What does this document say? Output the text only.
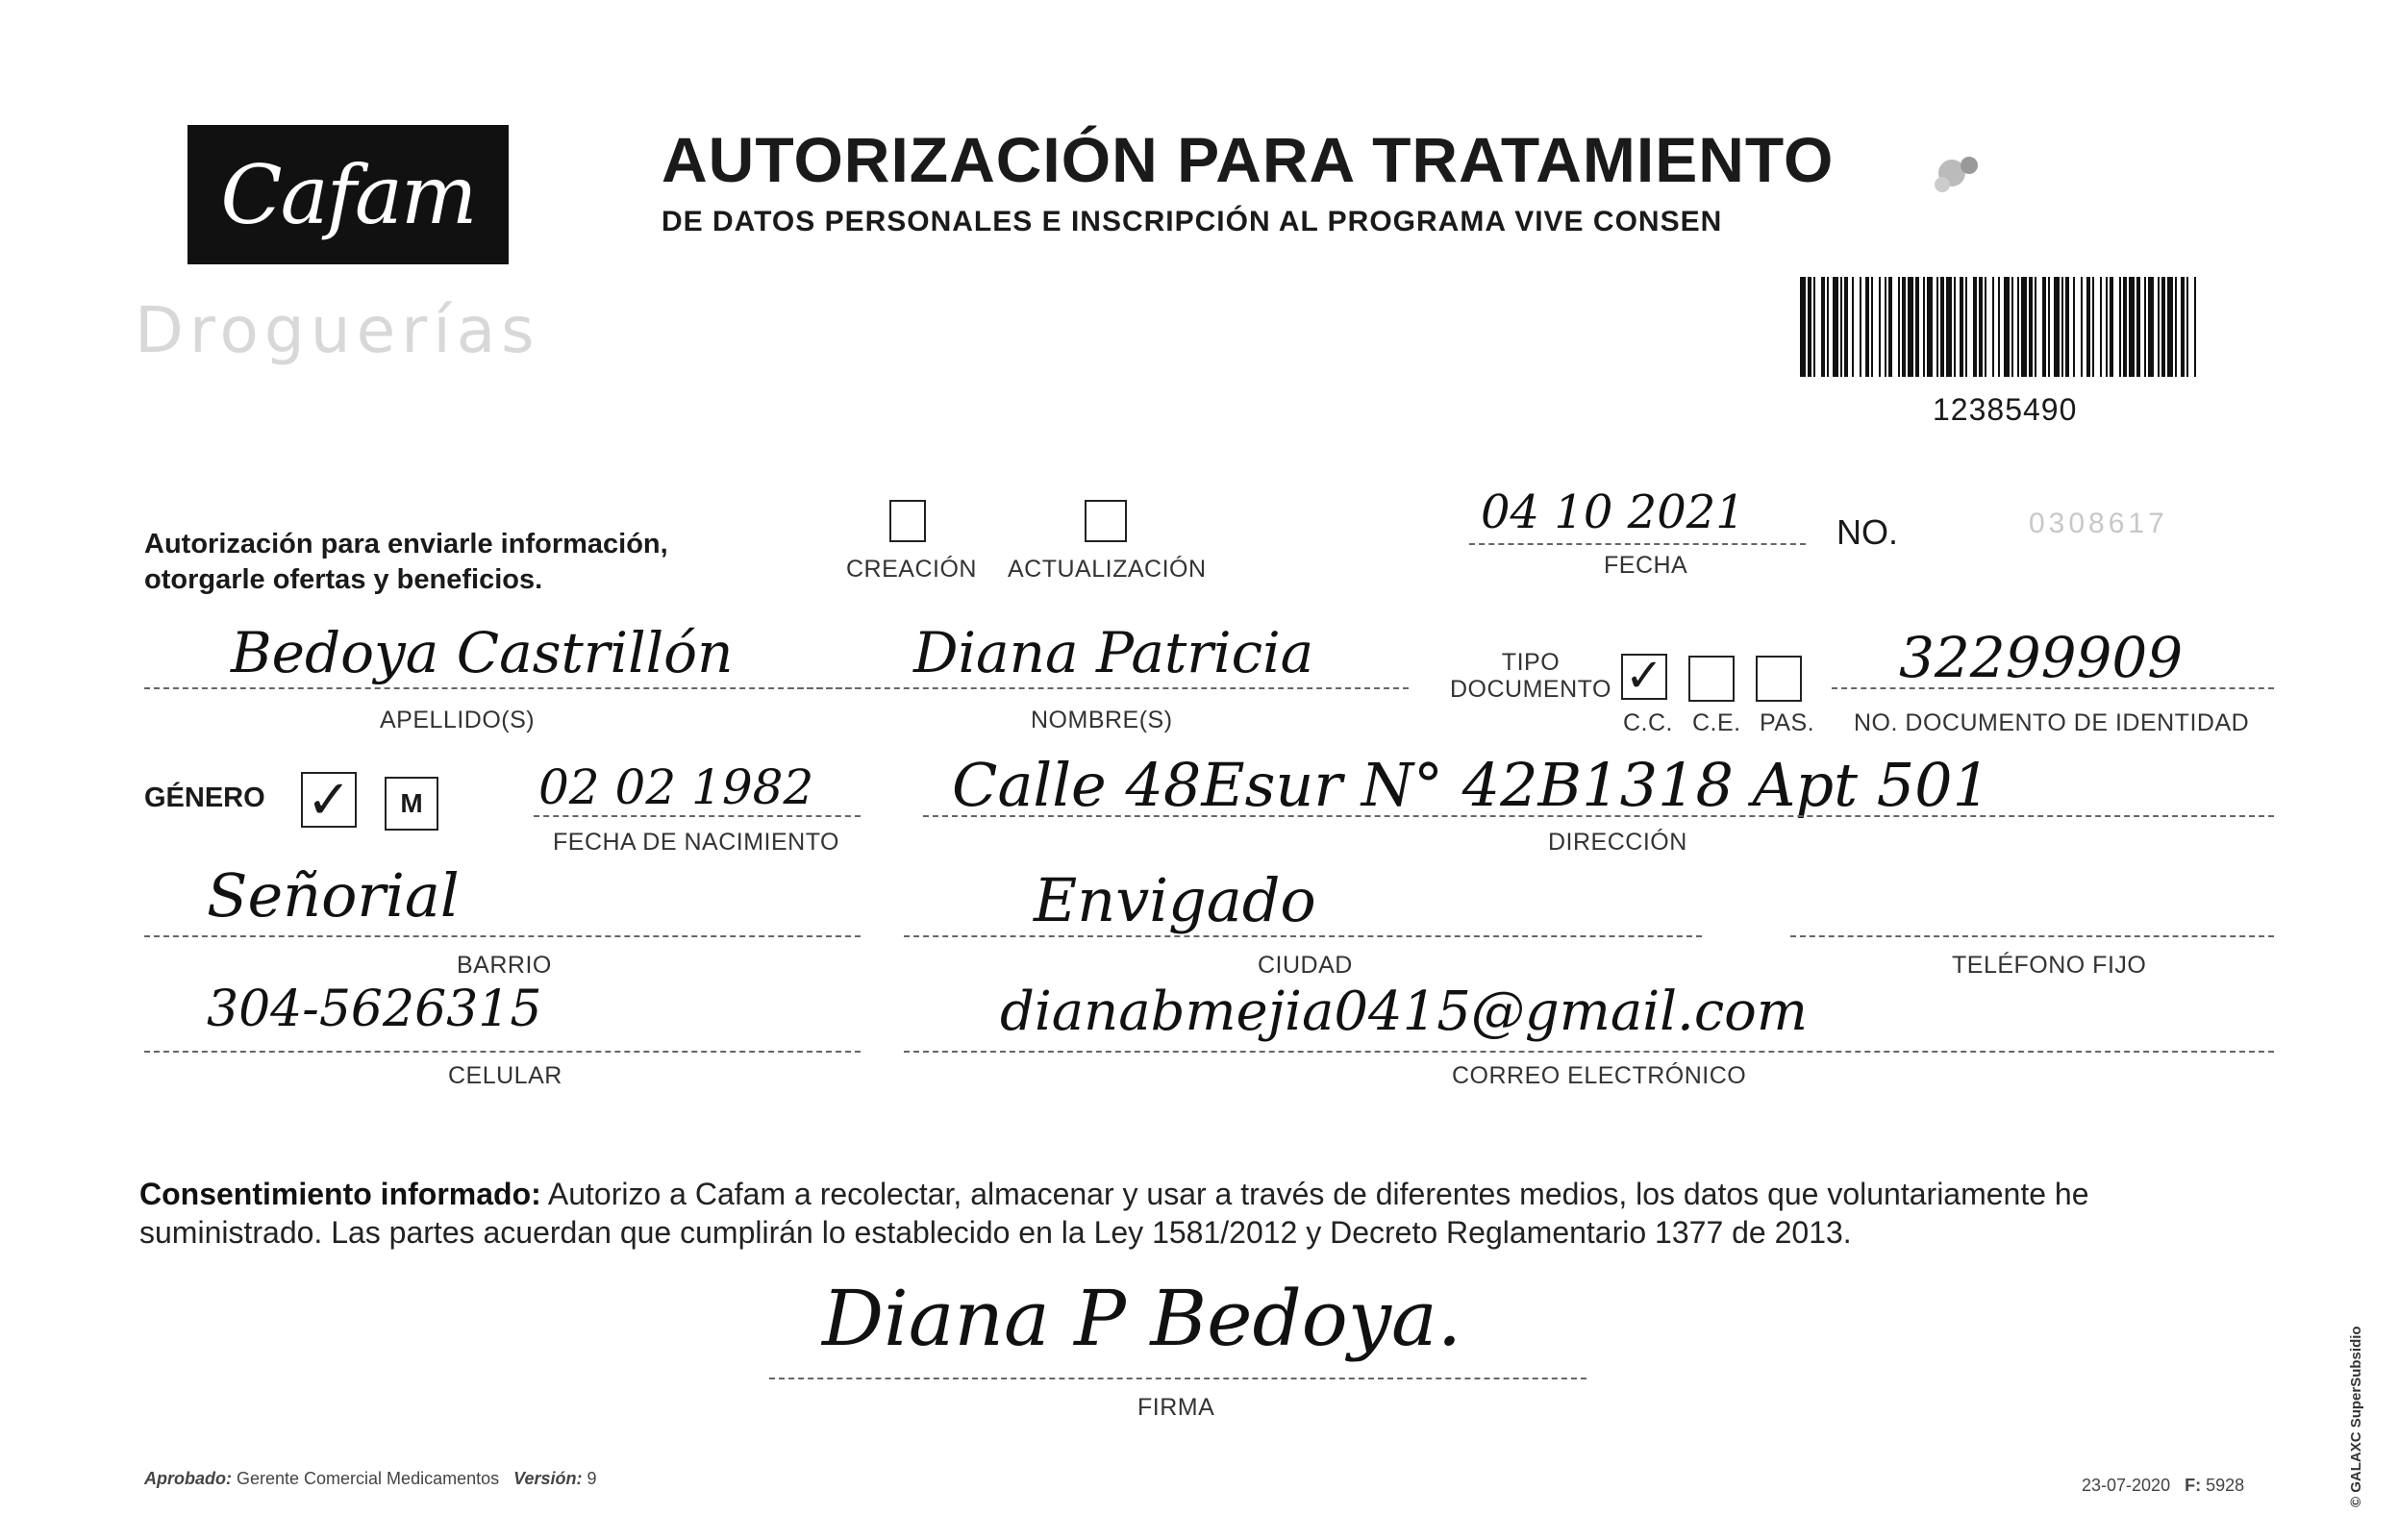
Cafam
Droguerías
AUTORIZACIÓN PARA TRATAMIENTO
DE DATOS PERSONALES E INSCRIPCIÓN AL PROGRAMA VIVE CONSEN
12385490
Autorización para enviarle información,
otorgarle ofertas y beneficios.	CREACIÓN ACTUALIZACIÓN
04 10 2021
FECHA
NO.	0308617
Bedoya Castrillón
APELLIDO(S)
Diana Patricia
NOMBRE(S)
TIPO
DOCUMENTO ✓
C.C. C.E. PAS.
32299909
NO. DOCUMENTO DE IDENTIDAD
GÉNERO ✓ M 02 02 1982
FECHA DE NACIMIENTO
Calle 48Esur N° 42B1318 Apt 501
DIRECCIÓN
Señorial
BARRIO
Envigado
CIUDAD	TELÉFONO FIJO
304-5626315
CELULAR
dianabmejia0415@gmail.com
CORREO ELECTRÓNICO
Consentimiento informado: Autorizo a Cafam a recolectar, almacenar y usar a través de diferentes medios, los datos que voluntariamente he suministrado. Las partes acuerdan que cumplirán lo establecido en la Ley 1581/2012 y Decreto Reglamentario 1377 de 2013.
Diana P Bedoya.
FIRMA
Aprobado: Gerente Comercial Medicamentos Versión: 9	23-07-2020 F: 5928	© GALAXC SuperSubsidio
